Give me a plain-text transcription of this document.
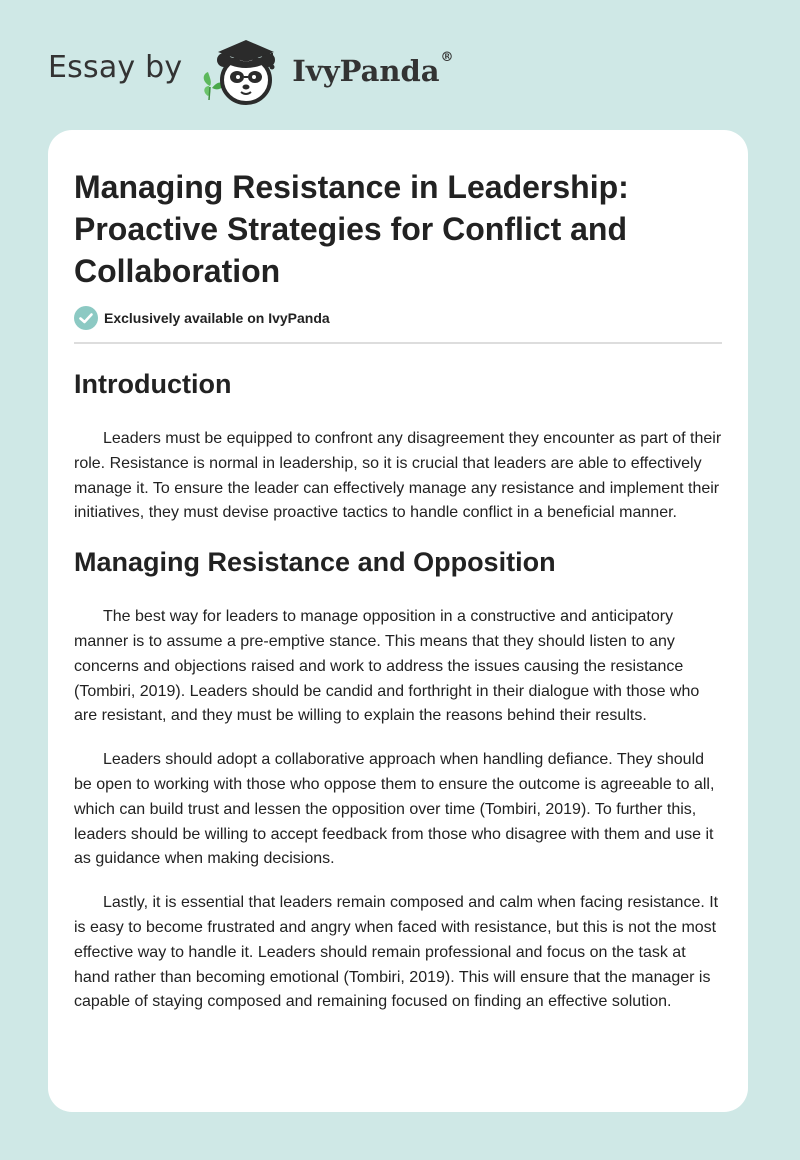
Essay by	IvyPanda®
Managing Resistance in Leadership: Proactive Strategies for Conflict and Collaboration
Exclusively available on IvyPanda
Introduction

Leaders must be equipped to confront any disagreement they encounter as part of their role. Resistance is normal in leadership, so it is crucial that leaders are able to effectively manage it. To ensure the leader can effectively manage any resistance and implement their initiatives, they must devise proactive tactics to handle conflict in a beneficial manner.

Managing Resistance and Opposition

The best way for leaders to manage opposition in a constructive and anticipatory manner is to assume a pre-emptive stance. This means that they should listen to any concerns and objections raised and work to address the issues causing the resistance (Tombiri, 2019). Leaders should be candid and forthright in their dialogue with those who are resistant, and they must be willing to explain the reasons behind their results.

Leaders should adopt a collaborative approach when handling defiance. They should be open to working with those who oppose them to ensure the outcome is agreeable to all, which can build trust and lessen the opposition over time (Tombiri, 2019). To further this, leaders should be willing to accept feedback from those who disagree with them and use it as guidance when making decisions.

Lastly, it is essential that leaders remain composed and calm when facing resistance. It is easy to become frustrated and angry when faced with resistance, but this is not the most effective way to handle it. Leaders should remain professional and focus on the task at hand rather than becoming emotional (Tombiri, 2019). This will ensure that the manager is capable of staying composed and remaining focused on finding an effective solution.
